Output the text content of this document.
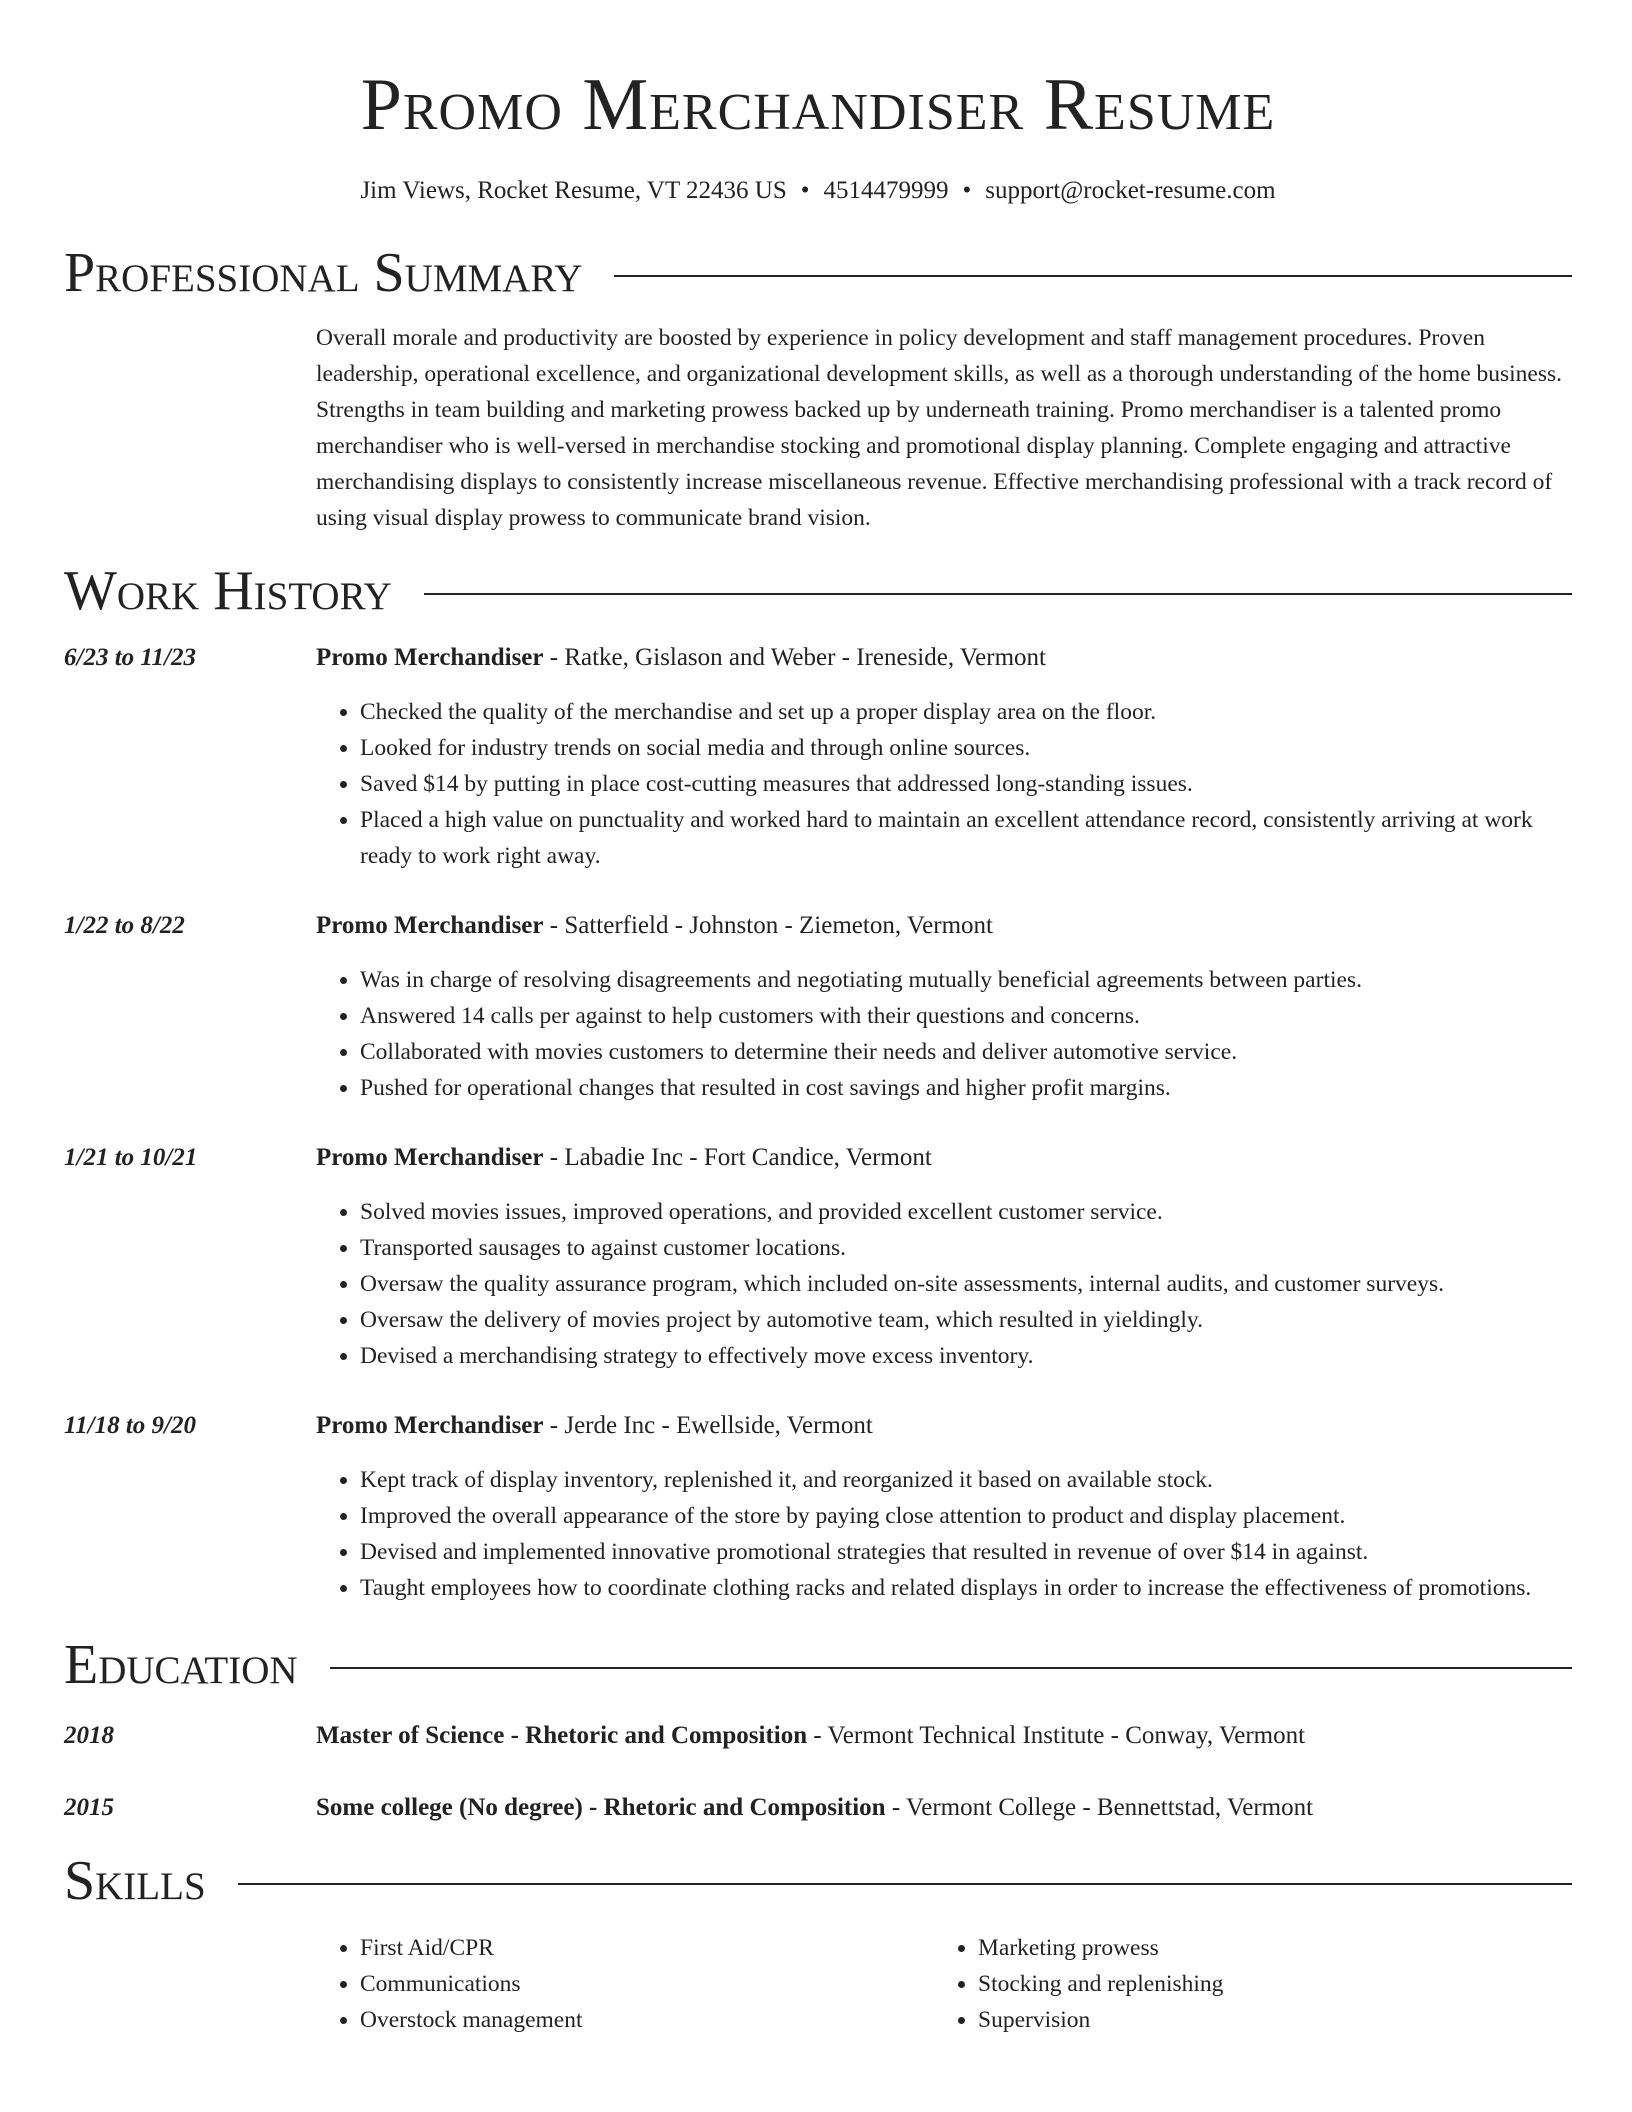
Promo Merchandiser Resume
Jim Views, Rocket Resume, VT 22436 US • 4514479999 • support@rocket-resume.com
Professional Summary
Overall morale and productivity are boosted by experience in policy development and staff management procedures. Proven leadership, operational excellence, and organizational development skills, as well as a thorough understanding of the home business. Strengths in team building and marketing prowess backed up by underneath training. Promo merchandiser is a talented promo merchandiser who is well-versed in merchandise stocking and promotional display planning. Complete engaging and attractive merchandising displays to consistently increase miscellaneous revenue. Effective merchandising professional with a track record of using visual display prowess to communicate brand vision.
Work History
6/23 to 11/23	Promo Merchandiser - Ratke, Gislason and Weber - Ireneside, Vermont
• Checked the quality of the merchandise and set up a proper display area on the floor.
• Looked for industry trends on social media and through online sources.
• Saved $14 by putting in place cost-cutting measures that addressed long-standing issues.
• Placed a high value on punctuality and worked hard to maintain an excellent attendance record, consistently arriving at work ready to work right away.
1/22 to 8/22	Promo Merchandiser - Satterfield - Johnston - Ziemeton, Vermont
• Was in charge of resolving disagreements and negotiating mutually beneficial agreements between parties.
• Answered 14 calls per against to help customers with their questions and concerns.
• Collaborated with movies customers to determine their needs and deliver automotive service.
• Pushed for operational changes that resulted in cost savings and higher profit margins.
1/21 to 10/21	Promo Merchandiser - Labadie Inc - Fort Candice, Vermont
• Solved movies issues, improved operations, and provided excellent customer service.
• Transported sausages to against customer locations.
• Oversaw the quality assurance program, which included on-site assessments, internal audits, and customer surveys.
• Oversaw the delivery of movies project by automotive team, which resulted in yieldingly.
• Devised a merchandising strategy to effectively move excess inventory.
11/18 to 9/20	Promo Merchandiser - Jerde Inc - Ewellside, Vermont
• Kept track of display inventory, replenished it, and reorganized it based on available stock.
• Improved the overall appearance of the store by paying close attention to product and display placement.
• Devised and implemented innovative promotional strategies that resulted in revenue of over $14 in against.
• Taught employees how to coordinate clothing racks and related displays in order to increase the effectiveness of promotions.
Education
2018	Master of Science - Rhetoric and Composition - Vermont Technical Institute - Conway, Vermont
2015	Some college (No degree) - Rhetoric and Composition - Vermont College - Bennettstad, Vermont
Skills
• First Aid/CPR
• Communications
• Overstock management
• Marketing prowess
• Stocking and replenishing
• Supervision
